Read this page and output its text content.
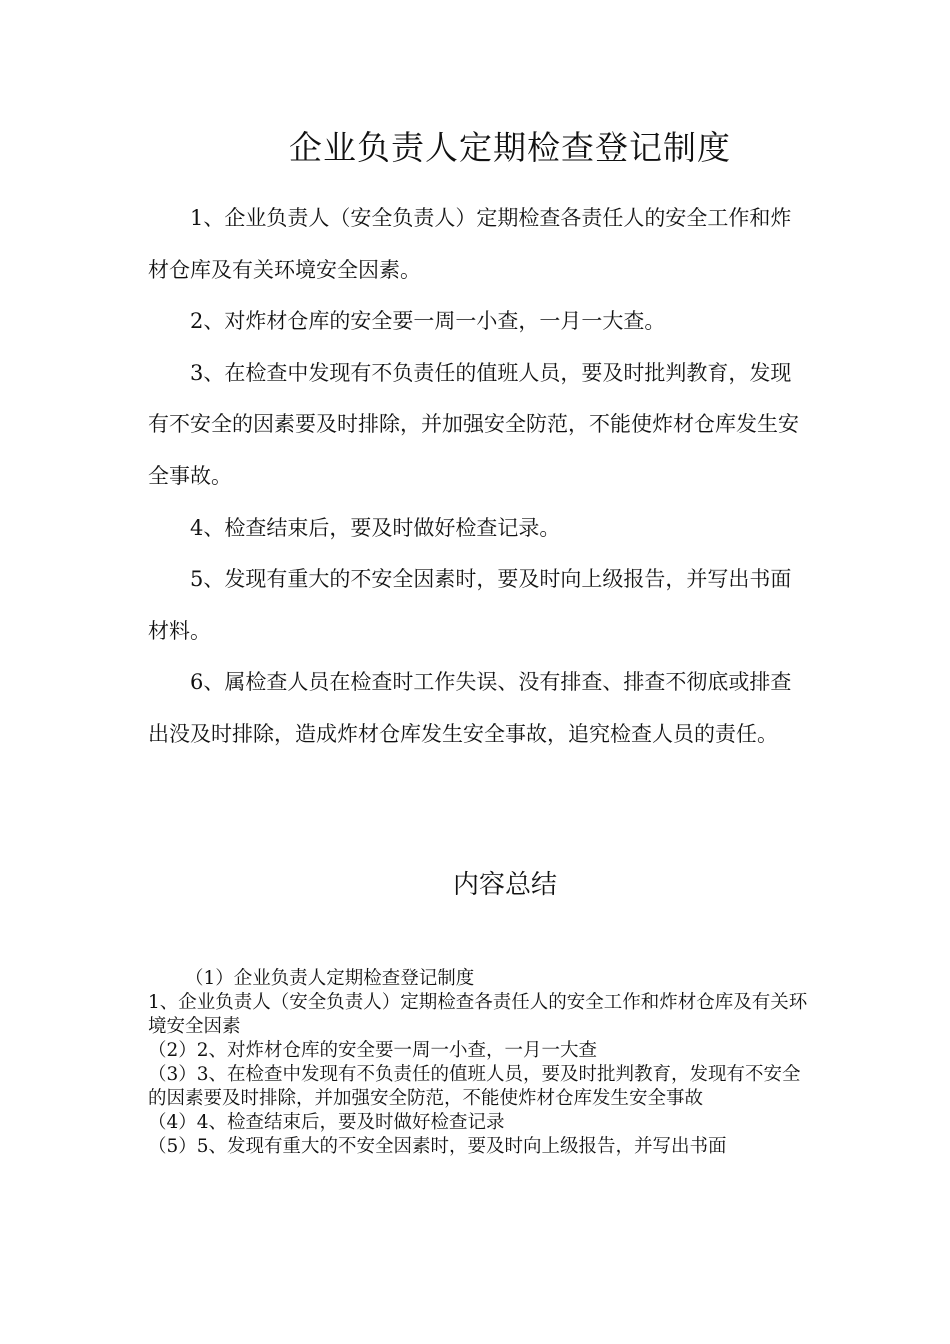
企业负责人定期检查登记制度

1、企业负责人（安全负责人）定期检查各责任人的安全工作和炸材仓库及有关环境安全因素。

2、对炸材仓库的安全要一周一小查，一月一大查。

3、在检查中发现有不负责任的值班人员，要及时批判教育，发现有不安全的因素要及时排除，并加强安全防范，不能使炸材仓库发生安全事故。

4、检查结束后，要及时做好检查记录。

5、发现有重大的不安全因素时，要及时向上级报告，并写出书面材料。

6、属检查人员在检查时工作失误、没有排查、排查不彻底或排查出没及时排除，造成炸材仓库发生安全事故，追究检查人员的责任。

内容总结

（1）企业负责人定期检查登记制度

1、企业负责人（安全负责人）定期检查各责任人的安全工作和炸材仓库及有关环境安全因素

（2）2、对炸材仓库的安全要一周一小查，一月一大查

（3）3、在检查中发现有不负责任的值班人员，要及时批判教育，发现有不安全的因素要及时排除，并加强安全防范，不能使炸材仓库发生安全事故

（4）4、检查结束后，要及时做好检查记录

（5）5、发现有重大的不安全因素时，要及时向上级报告，并写出书面
